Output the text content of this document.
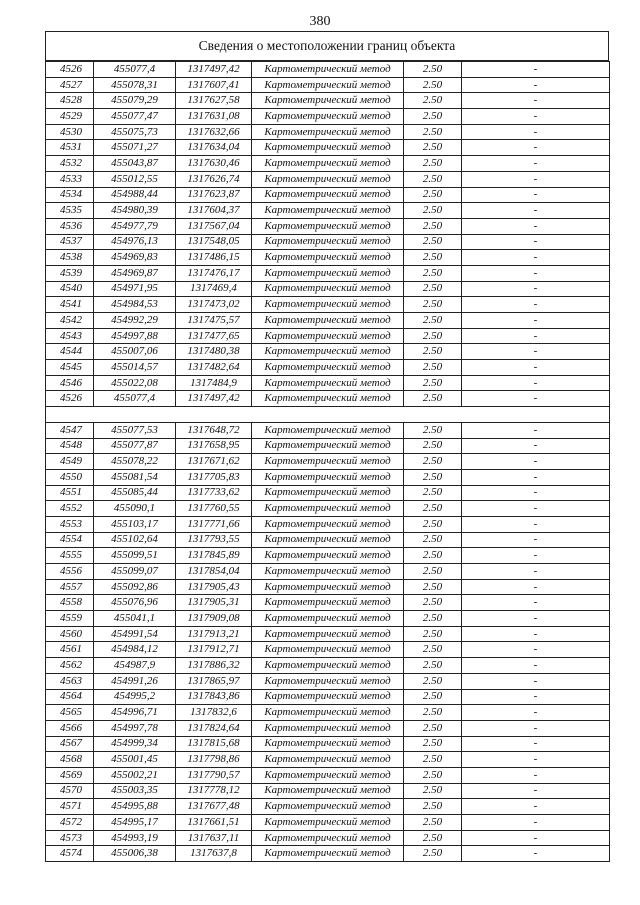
380
Сведения о местоположении границ объекта
4526	455077,4	1317497,42	Картометрический метод	2.50	-
4527	455078,31	1317607,41	Картометрический метод	2.50	-
4528	455079,29	1317627,58	Картометрический метод	2.50	-
4529	455077,47	1317631,08	Картометрический метод	2.50	-
4530	455075,73	1317632,66	Картометрический метод	2.50	-
4531	455071,27	1317634,04	Картометрический метод	2.50	-
4532	455043,87	1317630,46	Картометрический метод	2.50	-
4533	455012,55	1317626,74	Картометрический метод	2.50	-
4534	454988,44	1317623,87	Картометрический метод	2.50	-
4535	454980,39	1317604,37	Картометрический метод	2.50	-
4536	454977,79	1317567,04	Картометрический метод	2.50	-
4537	454976,13	1317548,05	Картометрический метод	2.50	-
4538	454969,83	1317486,15	Картометрический метод	2.50	-
4539	454969,87	1317476,17	Картометрический метод	2.50	-
4540	454971,95	1317469,4	Картометрический метод	2.50	-
4541	454984,53	1317473,02	Картометрический метод	2.50	-
4542	454992,29	1317475,57	Картометрический метод	2.50	-
4543	454997,88	1317477,65	Картометрический метод	2.50	-
4544	455007,06	1317480,38	Картометрический метод	2.50	-
4545	455014,57	1317482,64	Картометрический метод	2.50	-
4546	455022,08	1317484,9	Картометрический метод	2.50	-
4526	455077,4	1317497,42	Картометрический метод	2.50	-

4547	455077,53	1317648,72	Картометрический метод	2.50	-
4548	455077,87	1317658,95	Картометрический метод	2.50	-
4549	455078,22	1317671,62	Картометрический метод	2.50	-
4550	455081,54	1317705,83	Картометрический метод	2.50	-
4551	455085,44	1317733,62	Картометрический метод	2.50	-
4552	455090,1	1317760,55	Картометрический метод	2.50	-
4553	455103,17	1317771,66	Картометрический метод	2.50	-
4554	455102,64	1317793,55	Картометрический метод	2.50	-
4555	455099,51	1317845,89	Картометрический метод	2.50	-
4556	455099,07	1317854,04	Картометрический метод	2.50	-
4557	455092,86	1317905,43	Картометрический метод	2.50	-
4558	455076,96	1317905,31	Картометрический метод	2.50	-
4559	455041,1	1317909,08	Картометрический метод	2.50	-
4560	454991,54	1317913,21	Картометрический метод	2.50	-
4561	454984,12	1317912,71	Картометрический метод	2.50	-
4562	454987,9	1317886,32	Картометрический метод	2.50	-
4563	454991,26	1317865,97	Картометрический метод	2.50	-
4564	454995,2	1317843,86	Картометрический метод	2.50	-
4565	454996,71	1317832,6	Картометрический метод	2.50	-
4566	454997,78	1317824,64	Картометрический метод	2.50	-
4567	454999,34	1317815,68	Картометрический метод	2.50	-
4568	455001,45	1317798,86	Картометрический метод	2.50	-
4569	455002,21	1317790,57	Картометрический метод	2.50	-
4570	455003,35	1317778,12	Картометрический метод	2.50	-
4571	454995,88	1317677,48	Картометрический метод	2.50	-
4572	454995,17	1317661,51	Картометрический метод	2.50	-
4573	454993,19	1317637,11	Картометрический метод	2.50	-
4574	455006,38	1317637,8	Картометрический метод	2.50	-
